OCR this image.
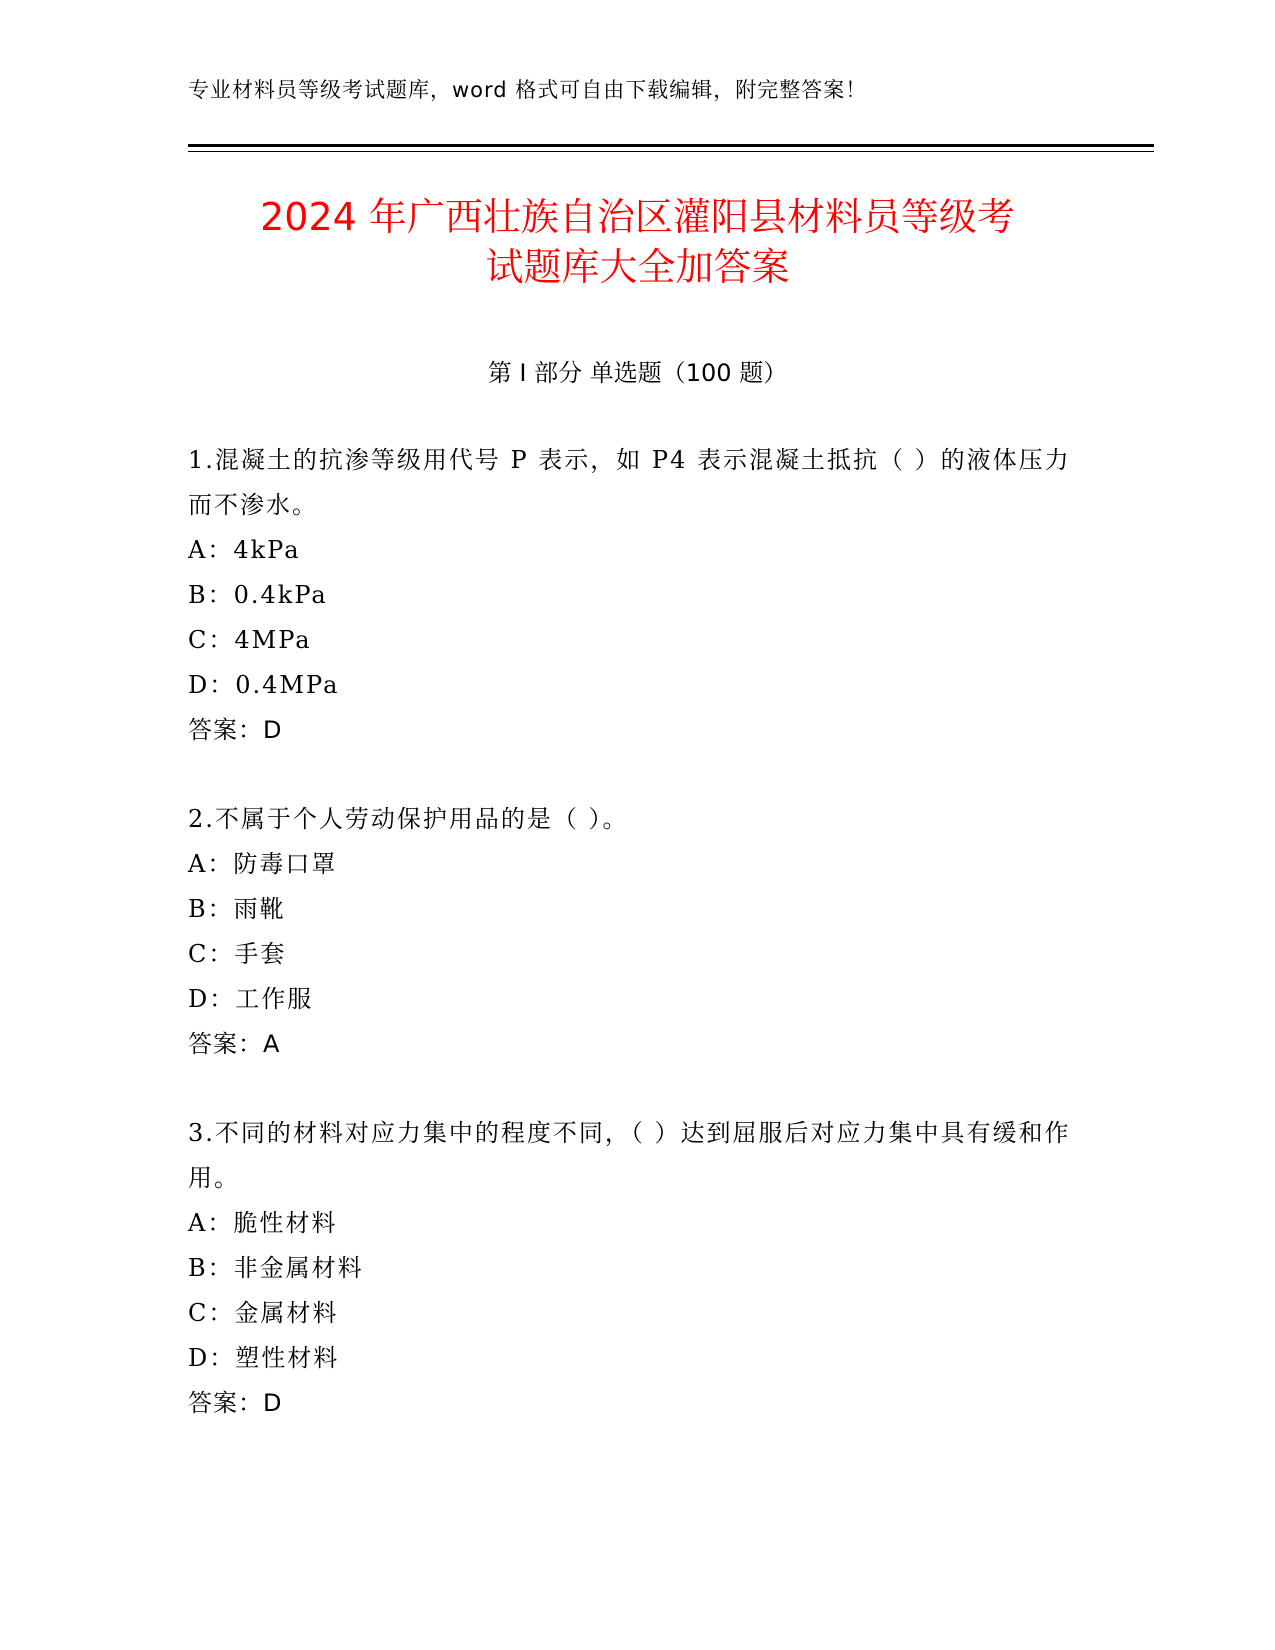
专业材料员等级考试题库，word 格式可自由下载编辑，附完整答案！
2024 年广西壮族自治区灌阳县材料员等级考
试题库大全加答案
第 I 部分 单选题（100 题）

1.混凝土的抗渗等级用代号 P 表示，如 P4 表示混凝土抵抗（ ）的液体压力而不渗水。

A：4kPa

B：0.4kPa

C：4MPa

D：0.4MPa

答案：D

2.不属于个人劳动保护用品的是（ ）。

A：防毒口罩

B：雨靴

C：手套

D：工作服

答案：A

3.不同的材料对应力集中的程度不同，（ ）达到屈服后对应力集中具有缓和作用。

A：脆性材料

B：非金属材料

C：金属材料

D：塑性材料

答案：D
